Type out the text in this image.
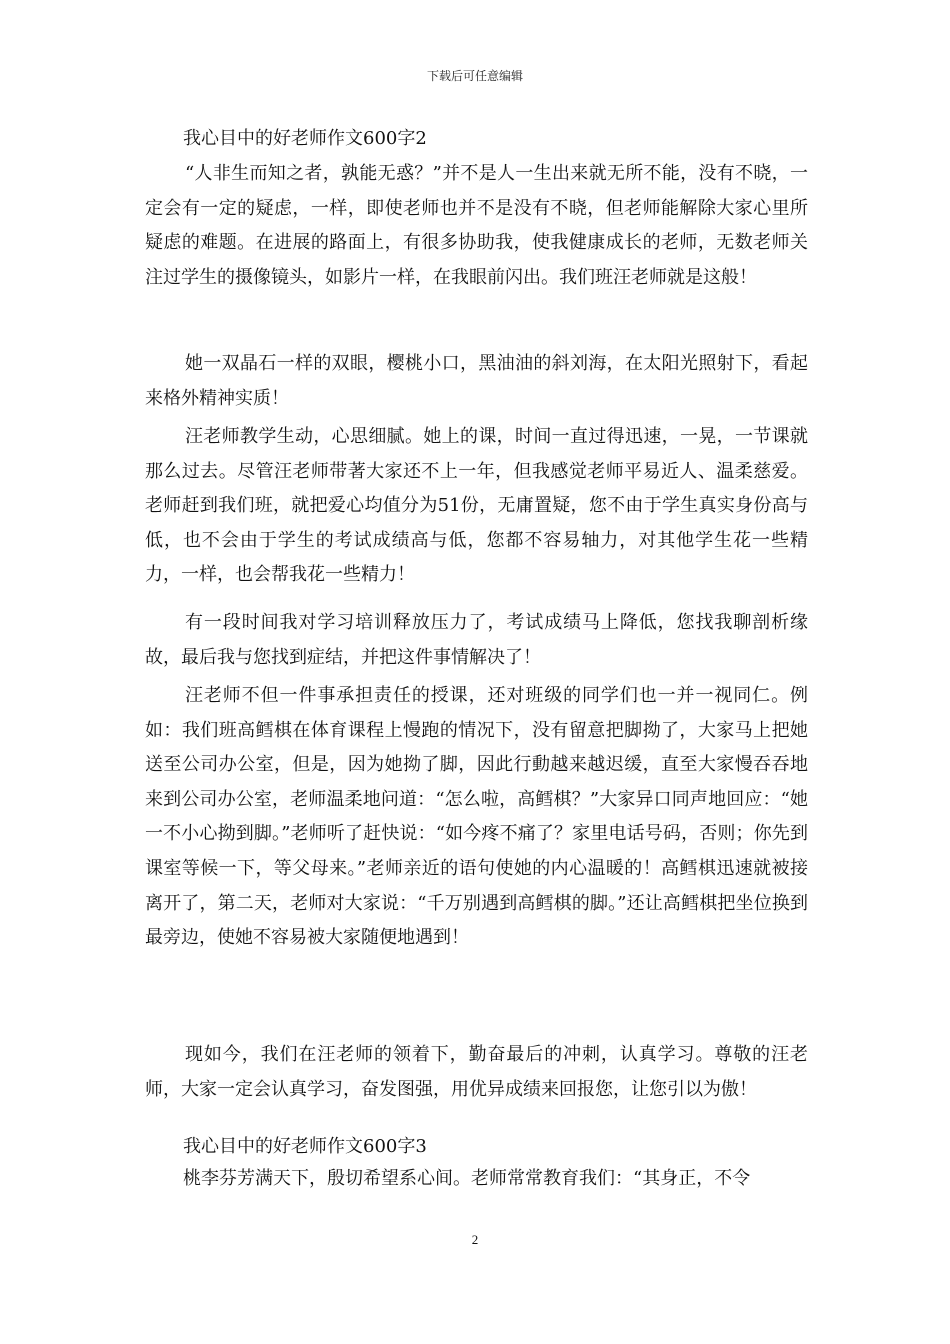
下载后可任意编辑
我心目中的好老师作文600字2

“人非生而知之者，孰能无惑？”并不是人一生出来就无所不能，没有不晓，一定会有一定的疑虑，一样，即使老师也并不是没有不晓，但老师能解除大家心里所疑虑的难题。在进展的路面上，有很多协助我，使我健康成长的老师，无数老师关注过学生的摄像镜头，如影片一样，在我眼前闪出。我们班汪老师就是这般！

她一双晶石一样的双眼，樱桃小口，黑油油的斜刘海，在太阳光照射下，看起来格外精神实质！

汪老师教学生动，心思细腻。她上的课，时间一直过得迅速，一晃，一节课就那么过去。尽管汪老师带著大家还不上一年，但我感觉老师平易近人、温柔慈爱。老师赶到我们班，就把爱心均值分为51份，无庸置疑，您不由于学生真实身份高与低，也不会由于学生的考试成绩高与低，您都不容易轴力，对其他学生花一些精力，一样，也会帮我花一些精力！

有一段时间我对学习培训释放压力了，考试成绩马上降低，您找我聊剖析缘故，最后我与您找到症结，并把这件事情解决了！

汪老师不但一件事承担责任的授课，还对班级的同学们也一并一视同仁。例如：我们班高鳕棋在体育课程上慢跑的情况下，没有留意把脚拗了，大家马上把她送至公司办公室，但是，因为她拗了脚，因此行動越来越迟缓，直至大家慢吞吞地来到公司办公室，老师温柔地问道：“怎么啦，高鳕棋？”大家异口同声地回应：“她一不小心拗到脚。”老师听了赶快说：“如今疼不痛了？家里电话号码，否则；你先到课室等候一下，等父母来。”老师亲近的语句使她的内心温暖的！高鳕棋迅速就被接离开了，第二天，老师对大家说：“千万别遇到高鳕棋的脚。”还让高鳕棋把坐位换到最旁边，使她不容易被大家随便地遇到！

现如今，我们在汪老师的领着下，勤奋最后的冲刺，认真学习。尊敬的汪老师，大家一定会认真学习，奋发图强，用优异成绩来回报您，让您引以为傲！

我心目中的好老师作文600字3

桃李芬芳满天下，殷切希望系心间。老师常常教育我们：“其身正，不令

2
